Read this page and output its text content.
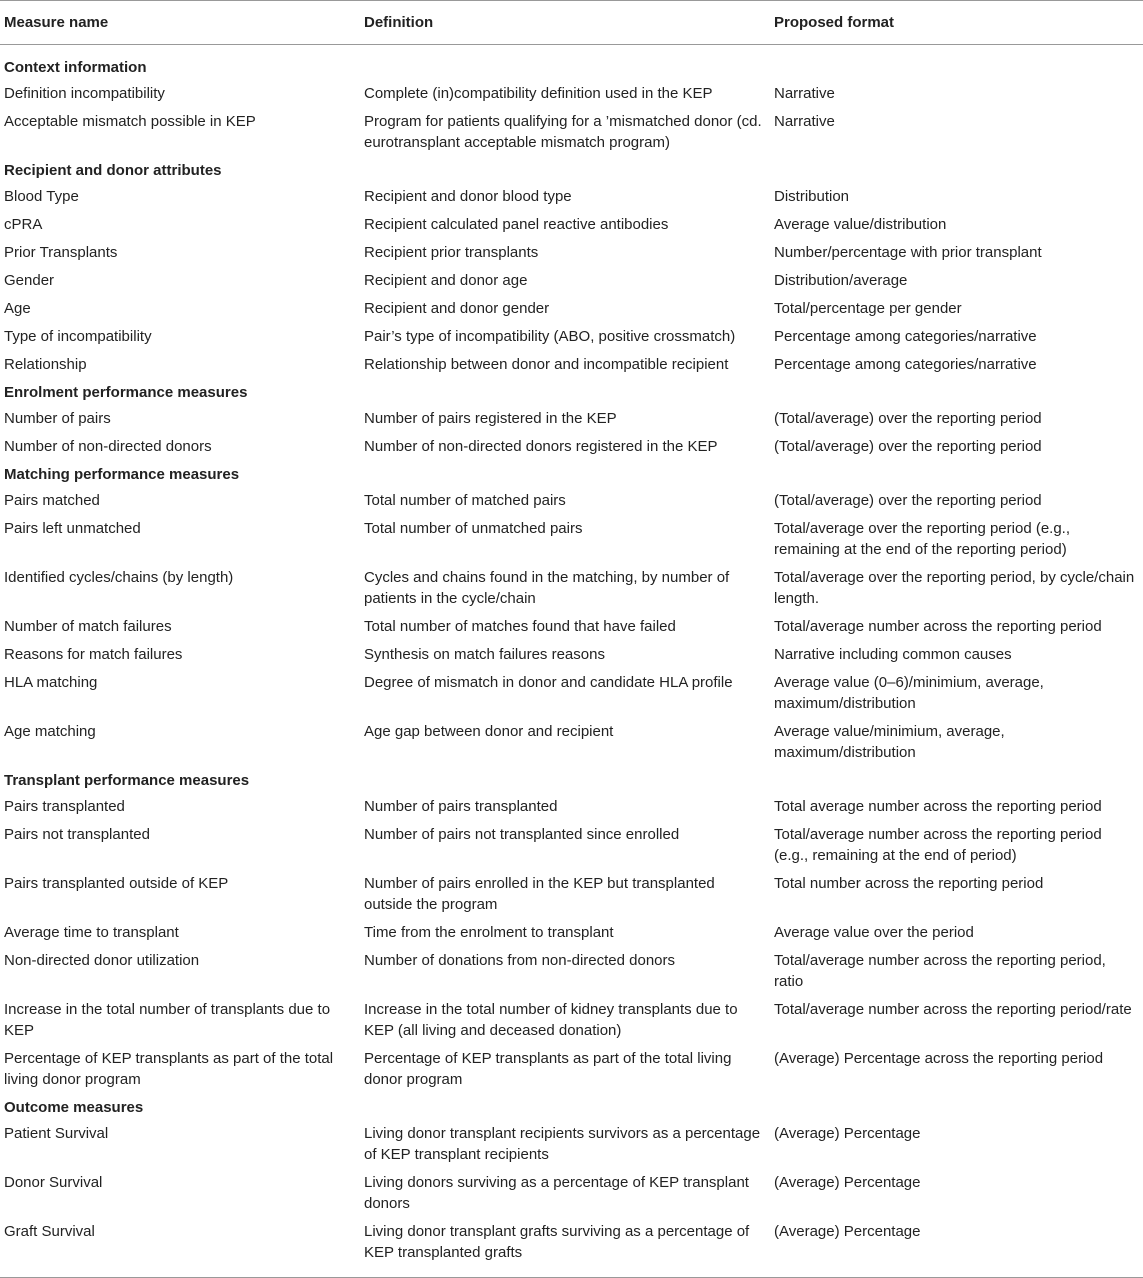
Measure name	Definition	Proposed format
Context information		
Definition incompatibility	Complete (in)compatibility definition used in the KEP	Narrative
Acceptable mismatch possible in KEP	Program for patients qualifying for a ’mismatched donor (cd. eurotransplant acceptable mismatch program)	Narrative
Recipient and donor attributes		
Blood Type	Recipient and donor blood type	Distribution
cPRA	Recipient calculated panel reactive antibodies	Average value/distribution
Prior Transplants	Recipient prior transplants	Number/percentage with prior transplant
Gender	Recipient and donor age	Distribution/average
Age	Recipient and donor gender	Total/percentage per gender
Type of incompatibility	Pair’s type of incompatibility (ABO, positive crossmatch)	Percentage among categories/narrative
Relationship	Relationship between donor and incompatible recipient	Percentage among categories/narrative
Enrolment performance measures		
Number of pairs	Number of pairs registered in the KEP	(Total/average) over the reporting period
Number of non-directed donors	Number of non-directed donors registered in the KEP	(Total/average) over the reporting period
Matching performance measures		
Pairs matched	Total number of matched pairs	(Total/average) over the reporting period
Pairs left unmatched	Total number of unmatched pairs	Total/average over the reporting period (e.g., remaining at the end of the reporting period)
Identified cycles/chains (by length)	Cycles and chains found in the matching, by number of patients in the cycle/chain	Total/average over the reporting period, by cycle/chain length.
Number of match failures	Total number of matches found that have failed	Total/average number across the reporting period
Reasons for match failures	Synthesis on match failures reasons	Narrative including common causes
HLA matching	Degree of mismatch in donor and candidate HLA profile	Average value (0–6)/minimium, average, maximum/distribution
Age matching	Age gap between donor and recipient	Average value/minimium, average, maximum/distribution
Transplant performance measures		
Pairs transplanted	Number of pairs transplanted	Total average number across the reporting period
Pairs not transplanted	Number of pairs not transplanted since enrolled	Total/average number across the reporting period (e.g., remaining at the end of period)
Pairs transplanted outside of KEP	Number of pairs enrolled in the KEP but transplanted outside the program	Total number across the reporting period
Average time to transplant	Time from the enrolment to transplant	Average value over the period
Non-directed donor utilization	Number of donations from non-directed donors	Total/average number across the reporting period, ratio
Increase in the total number of transplants due to KEP	Increase in the total number of kidney transplants due to KEP (all living and deceased donation)	Total/average number across the reporting period/rate
Percentage of KEP transplants as part of the total living donor program	Percentage of KEP transplants as part of the total living donor program	(Average) Percentage across the reporting period
Outcome measures		
Patient Survival	Living donor transplant recipients survivors as a percentage of KEP transplant recipients	(Average) Percentage
Donor Survival	Living donors surviving as a percentage of KEP transplant donors	(Average) Percentage
Graft Survival	Living donor transplant grafts surviving as a percentage of KEP transplanted grafts	(Average) Percentage
